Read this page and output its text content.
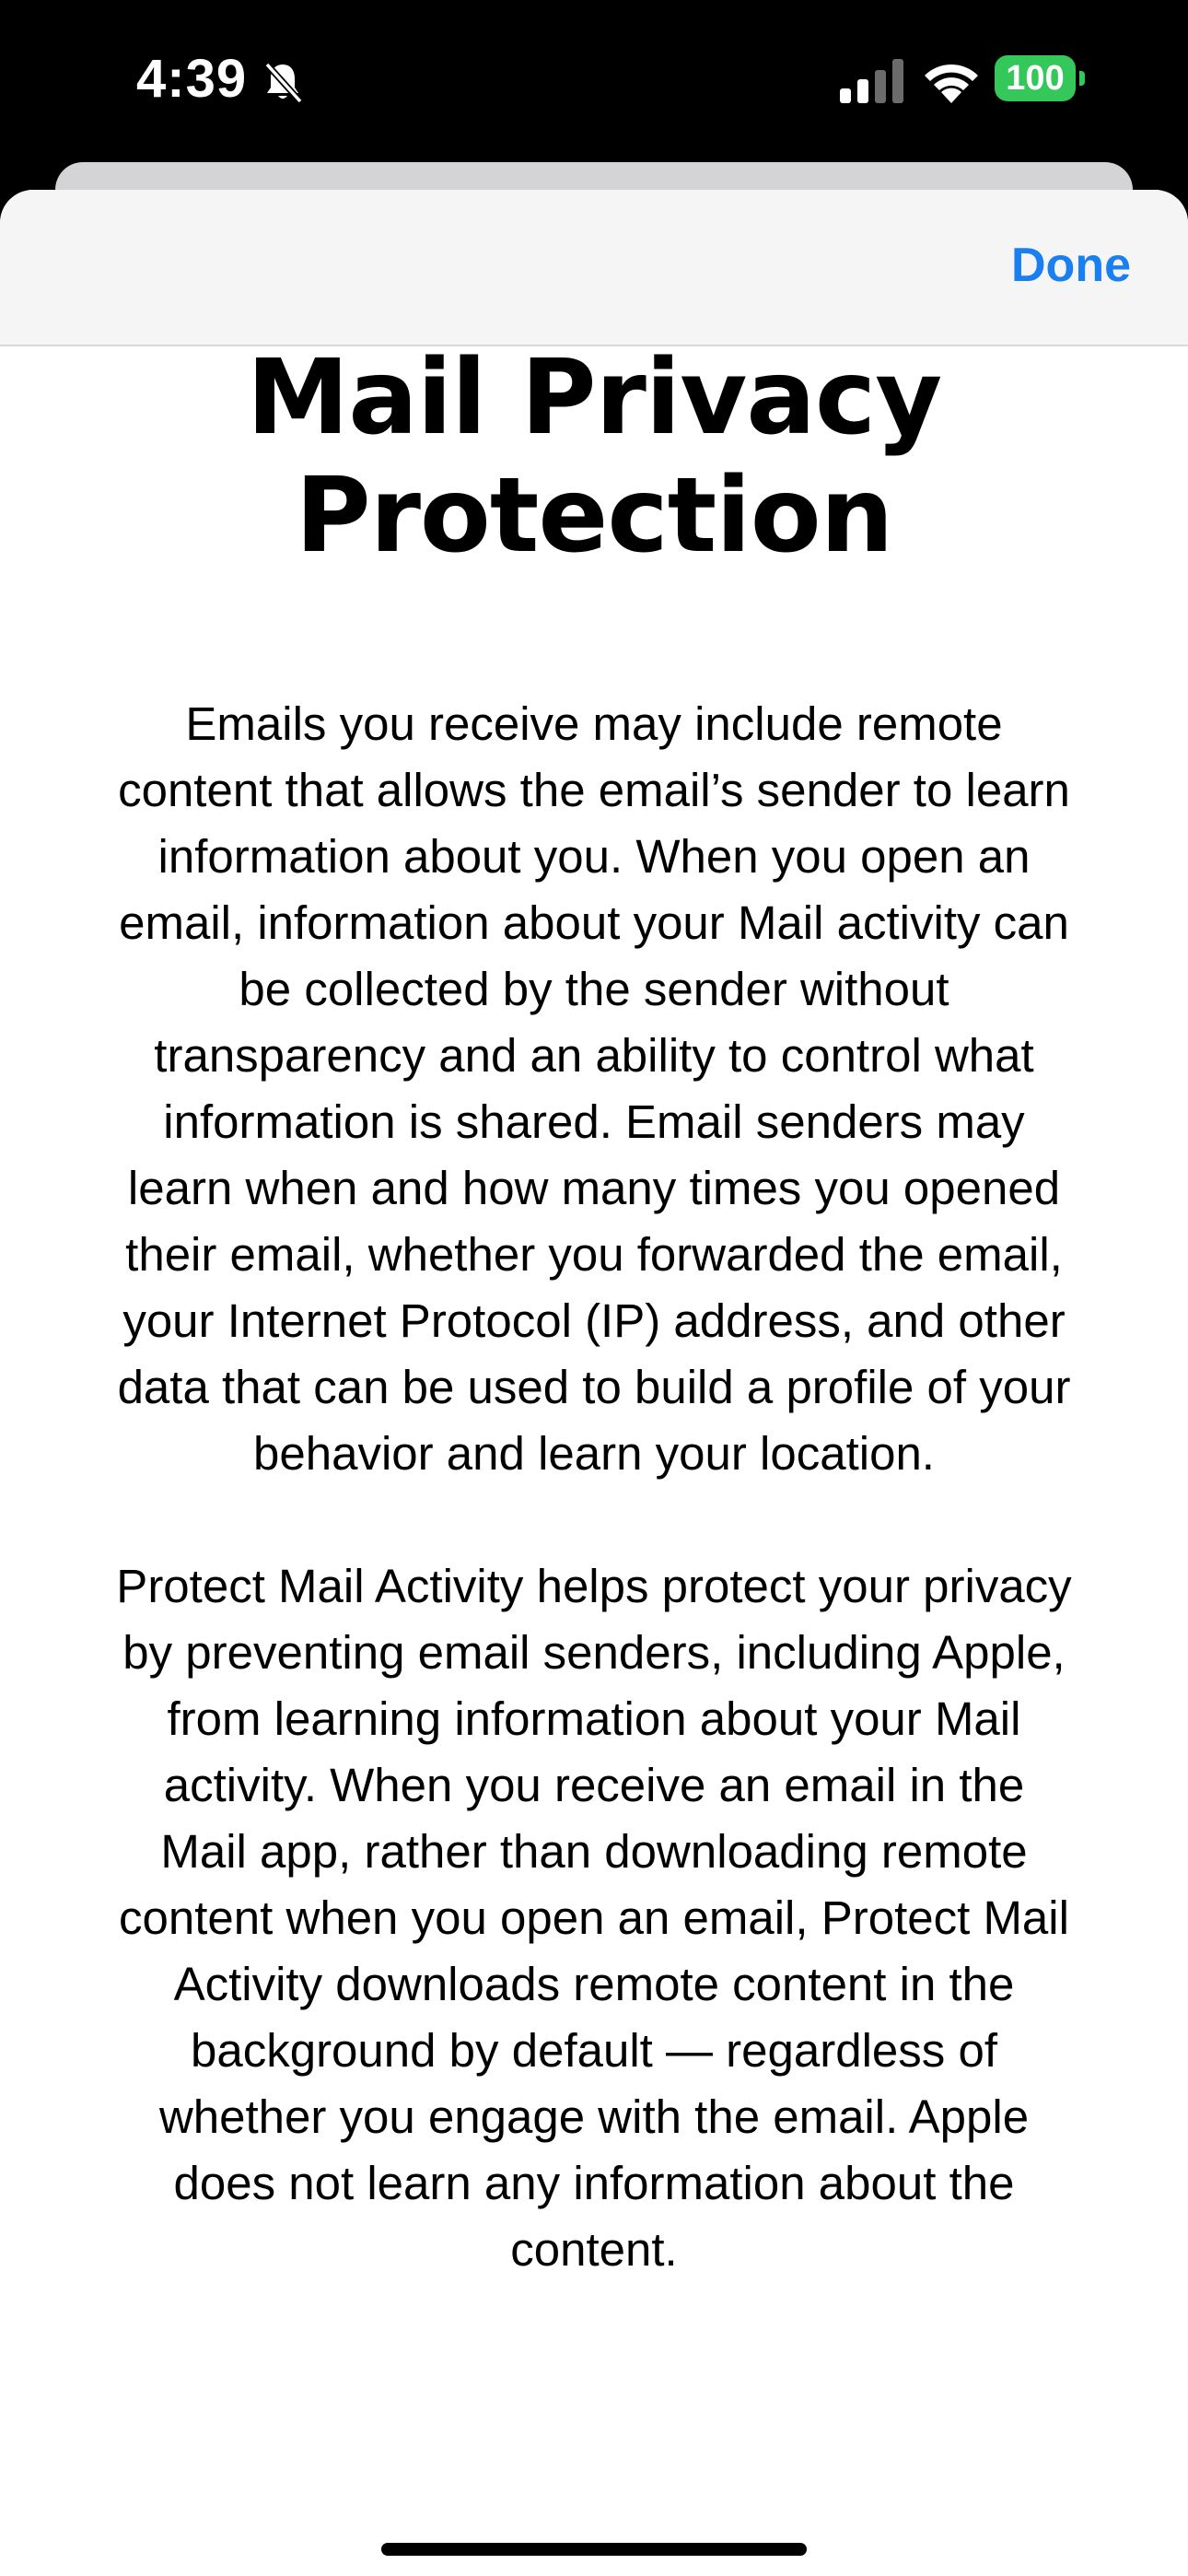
4:39	100
Done
Mail Privacy Protection

Emails you receive may include remote content that allows the email’s sender to learn information about you. When you open an email, information about your Mail activity can be collected by the sender without transparency and an ability to control what information is shared. Email senders may learn when and how many times you opened their email, whether you forwarded the email, your Internet Protocol (IP) address, and other data that can be used to build a profile of your behavior and learn your location.

Protect Mail Activity helps protect your privacy by preventing email senders, including Apple, from learning information about your Mail activity. When you receive an email in the Mail app, rather than downloading remote content when you open an email, Protect Mail Activity downloads remote content in the background by default — regardless of whether you engage with the email. Apple does not learn any information about the content.
